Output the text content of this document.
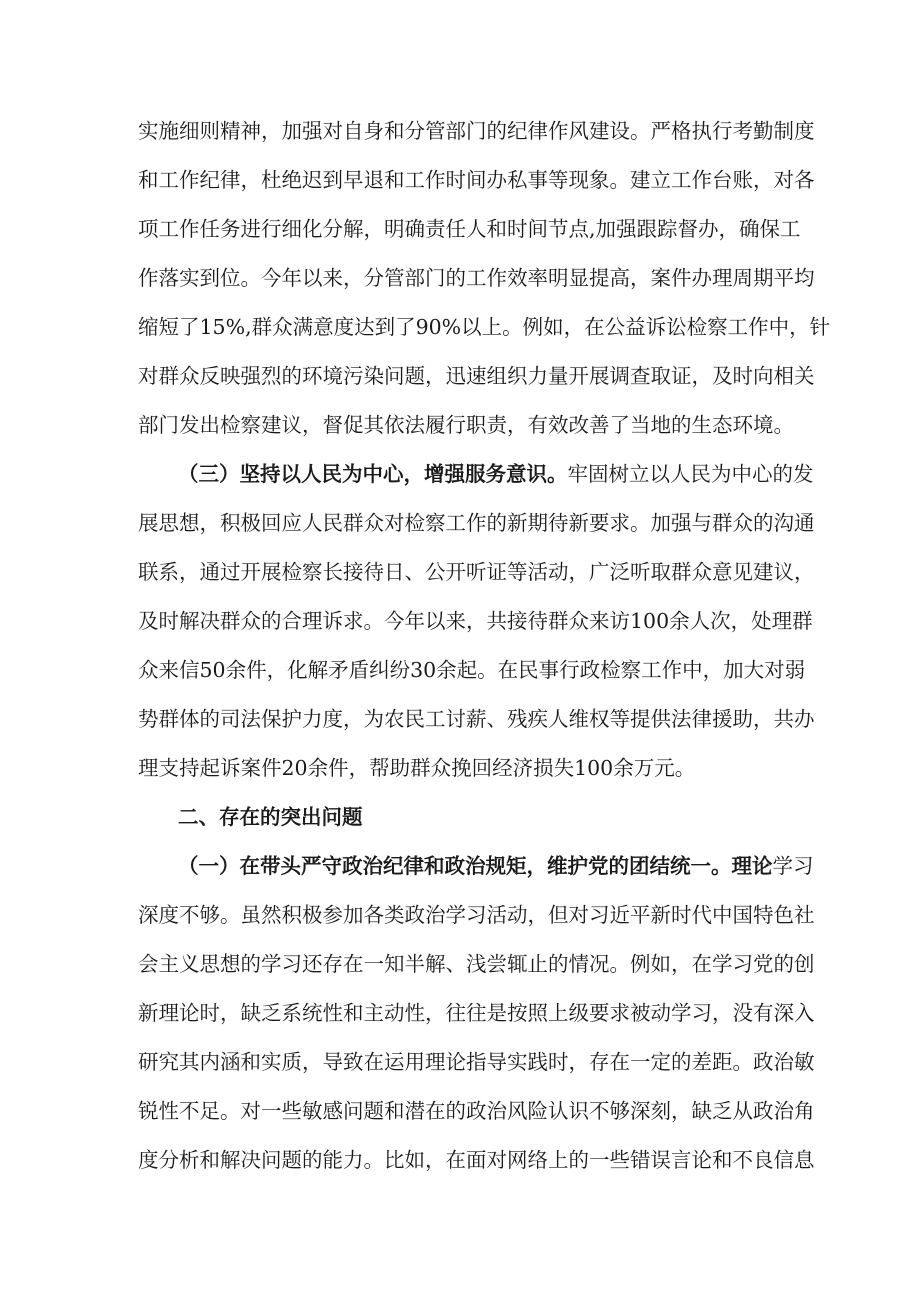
实施细则精神，加强对自身和分管部门的纪律作风建设。严格执行考勤制度
和工作纪律，杜绝迟到早退和工作时间办私事等现象。建立工作台账，对各
项工作任务进行细化分解，明确责任人和时间节点,加强跟踪督办，确保工
作落实到位。今年以来，分管部门的工作效率明显提高，案件办理周期平均
缩短了15%,群众满意度达到了90%以上。例如，在公益诉讼检察工作中，针
对群众反映强烈的环境污染问题，迅速组织力量开展调查取证，及时向相关
部门发出检察建议，督促其依法履行职责，有效改善了当地的生态环境。
（三）坚持以人民为中心，增强服务意识。牢固树立以人民为中心的发
展思想，积极回应人民群众对检察工作的新期待新要求。加强与群众的沟通
联系，通过开展检察长接待日、公开听证等活动，广泛听取群众意见建议，
及时解决群众的合理诉求。今年以来，共接待群众来访100余人次，处理群
众来信50余件，化解矛盾纠纷30余起。在民事行政检察工作中，加大对弱
势群体的司法保护力度，为农民工讨薪、残疾人维权等提供法律援助，共办
理支持起诉案件20余件，帮助群众挽回经济损失100余万元。
二、存在的突出问题
（一）在带头严守政治纪律和政治规矩，维护党的团结统一。理论学习
深度不够。虽然积极参加各类政治学习活动，但对习近平新时代中国特色社
会主义思想的学习还存在一知半解、浅尝辄止的情况。例如，在学习党的创
新理论时，缺乏系统性和主动性，往往是按照上级要求被动学习，没有深入
研究其内涵和实质，导致在运用理论指导实践时，存在一定的差距。政治敏
锐性不足。对一些敏感问题和潜在的政治风险认识不够深刻，缺乏从政治角
度分析和解决问题的能力。比如，在面对网络上的一些错误言论和不良信息
